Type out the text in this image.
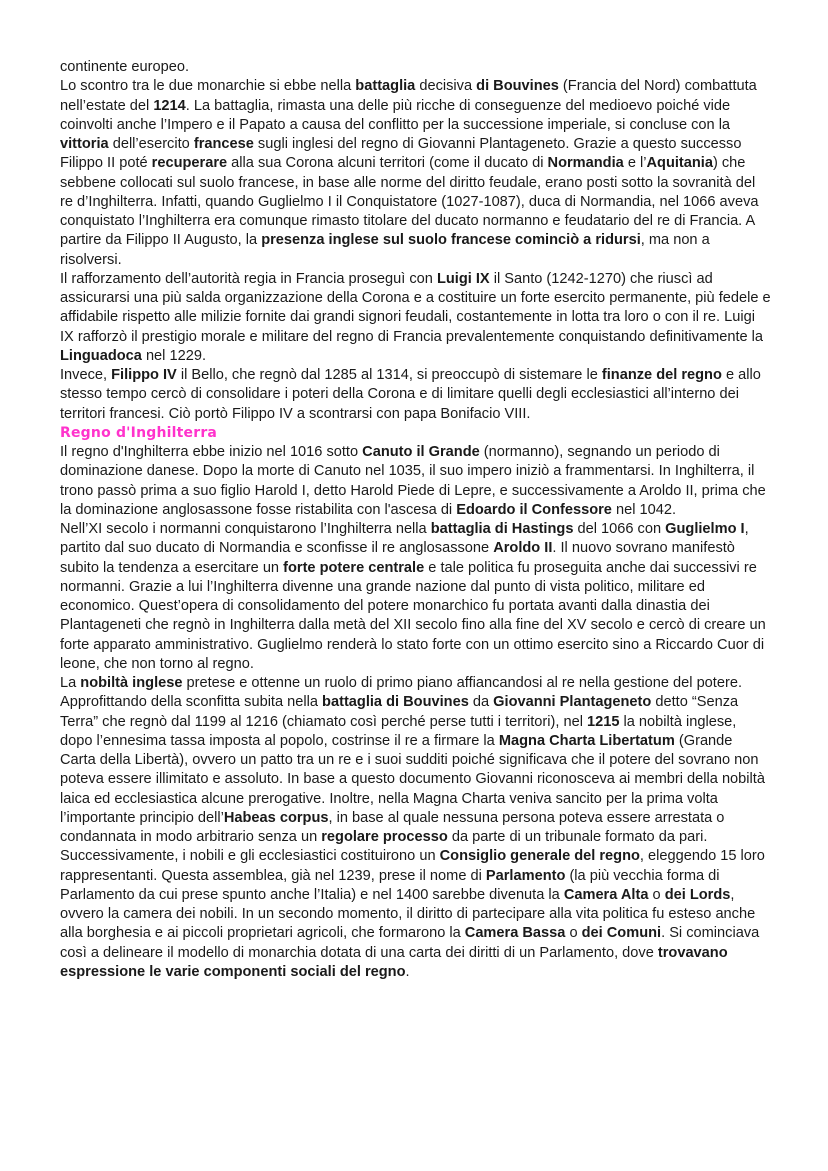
continente europeo.

Lo scontro tra le due monarchie si ebbe nella battaglia decisiva di Bouvines (Francia del Nord) combattuta nell’estate del 1214. La battaglia, rimasta una delle più ricche di conseguenze del medioevo poiché vide coinvolti anche l’Impero e il Papato a causa del conflitto per la successione imperiale, si concluse con la vittoria dell’esercito francese sugli inglesi del regno di Giovanni Plantageneto. Grazie a questo successo Filippo II poté recuperare alla sua Corona alcuni territori (come il ducato di Normandia e l’Aquitania) che sebbene collocati sul suolo francese, in base alle norme del diritto feudale, erano posti sotto la sovranità del re d’Inghilterra. Infatti, quando Guglielmo I il Conquistatore (1027-1087), duca di Normandia, nel 1066 aveva conquistato l’Inghilterra era comunque rimasto titolare del ducato normanno e feudatario del re di Francia. A partire da Filippo II Augusto, la presenza inglese sul suolo francese cominciò a ridursi, ma non a risolversi.

Il rafforzamento dell’autorità regia in Francia proseguì con Luigi IX il Santo (1242-1270) che riuscì ad assicurarsi una più salda organizzazione della Corona e a costituire un forte esercito permanente, più fedele e affidabile rispetto alle milizie fornite dai grandi signori feudali, costantemente in lotta tra loro o con il re. Luigi IX rafforzò il prestigio morale e militare del regno di Francia prevalentemente conquistando definitivamente la Linguadoca nel 1229.

Invece, Filippo IV il Bello, che regnò dal 1285 al 1314, si preoccupò di sistemare le finanze del regno e allo stesso tempo cercò di consolidare i poteri della Corona e di limitare quelli degli ecclesiastici all’interno dei territori francesi. Ciò portò Filippo IV a scontrarsi con papa Bonifacio VIII.

Regno d'Inghilterra

Il regno d'Inghilterra ebbe inizio nel 1016 sotto Canuto il Grande (normanno), segnando un periodo di dominazione danese. Dopo la morte di Canuto nel 1035, il suo impero iniziò a frammentarsi. In Inghilterra, il trono passò prima a suo figlio Harold I, detto Harold Piede di Lepre, e successivamente a Aroldo II, prima che la dominazione anglosassone fosse ristabilita con l'ascesa di Edoardo il Confessore nel 1042.

Nell’XI secolo i normanni conquistarono l’Inghilterra nella battaglia di Hastings del 1066 con Guglielmo I, partito dal suo ducato di Normandia e sconfisse il re anglosassone Aroldo II. Il nuovo sovrano manifestò subito la tendenza a esercitare un forte potere centrale e tale politica fu proseguita anche dai successivi re normanni. Grazie a lui l’Inghilterra divenne una grande nazione dal punto di vista politico, militare ed economico. Quest’opera di consolidamento del potere monarchico fu portata avanti dalla dinastia dei Plantageneti che regnò in Inghilterra dalla metà del XII secolo fino alla fine del XV secolo e cercò di creare un forte apparato amministrativo. Guglielmo renderà lo stato forte con un ottimo esercito sino a Riccardo Cuor di leone, che non torno al regno.

La nobiltà inglese pretese e ottenne un ruolo di primo piano affiancandosi al re nella gestione del potere. Approfittando della sconfitta subita nella battaglia di Bouvines da Giovanni Plantageneto detto “Senza Terra” che regnò dal 1199 al 1216 (chiamato così perché perse tutti i territori), nel 1215 la nobiltà inglese, dopo l’ennesima tassa imposta al popolo, costrinse il re a firmare la Magna Charta Libertatum (Grande Carta della Libertà), ovvero un patto tra un re e i suoi sudditi poiché significava che il potere del sovrano non poteva essere illimitato e assoluto. In base a questo documento Giovanni riconosceva ai membri della nobiltà laica ed ecclesiastica alcune prerogative. Inoltre, nella Magna Charta veniva sancito per la prima volta l’importante principio dell’Habeas corpus, in base al quale nessuna persona poteva essere arrestata o condannata in modo arbitrario senza un regolare processo da parte di un tribunale formato da pari. Successivamente, i nobili e gli ecclesiastici costituirono un Consiglio generale del regno, eleggendo 15 loro rappresentanti. Questa assemblea, già nel 1239, prese il nome di Parlamento (la più vecchia forma di Parlamento da cui prese spunto anche l’Italia) e nel 1400 sarebbe divenuta la Camera Alta o dei Lords, ovvero la camera dei nobili. In un secondo momento, il diritto di partecipare alla vita politica fu esteso anche alla borghesia e ai piccoli proprietari agricoli, che formarono la Camera Bassa o dei Comuni. Si cominciava così a delineare il modello di monarchia dotata di una carta dei diritti di un Parlamento, dove trovavano espressione le varie componenti sociali del regno.
